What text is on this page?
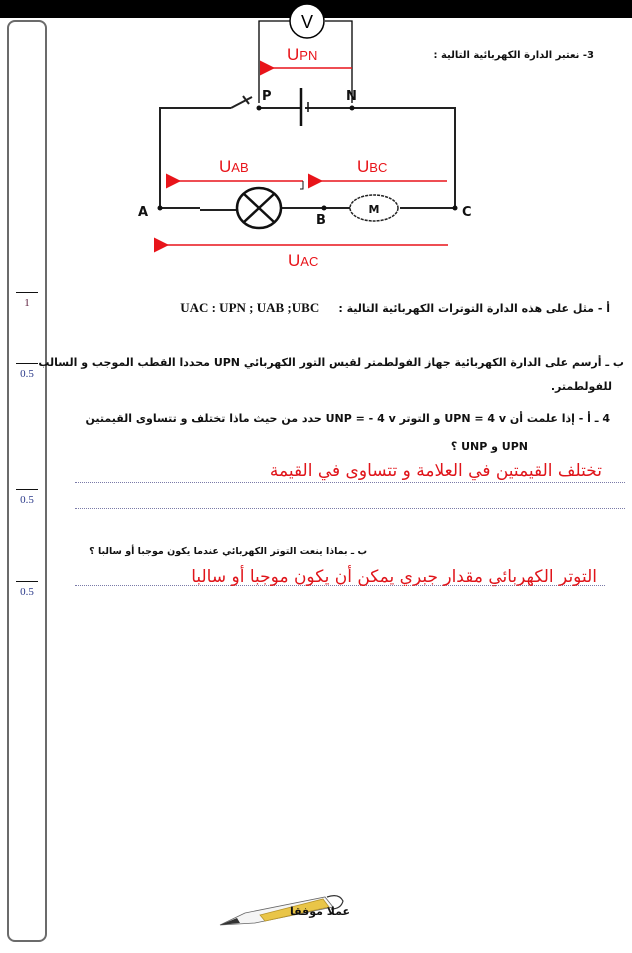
1
0.5
0.5
0.5
V
UPN
P	N
A
B
C
M
UAB	UBC
UAC
3- نعتبر الدارة الكهربائية التالية :
أ - مثل على هذه الدارة التوترات الكهربائية التالية :     UAC : UPN ; UAB ;UBC
ب ـ أرسم على الدارة الكهربائية جهاز الفولطمتر لقيس التور الكهربائي UPN محددا القطب الموجب و السالب
للفولطمتر.
4 ـ أ - إذا علمت أن UPN = 4 v و التوتر UNP = - 4 v حدد من حيث ماذا تختلف و تتساوى القيمتين
UPN و UNP ؟
تختلف القيمتين في العلامة و تتساوى في القيمة
ب ـ بماذا ينعت التوتر الكهربائي عندما يكون موجبا أو سالبا ؟
التوتر الكهربائي مقدار جبري يمكن أن يكون موجبا أو سالبا
عملا موفقا
